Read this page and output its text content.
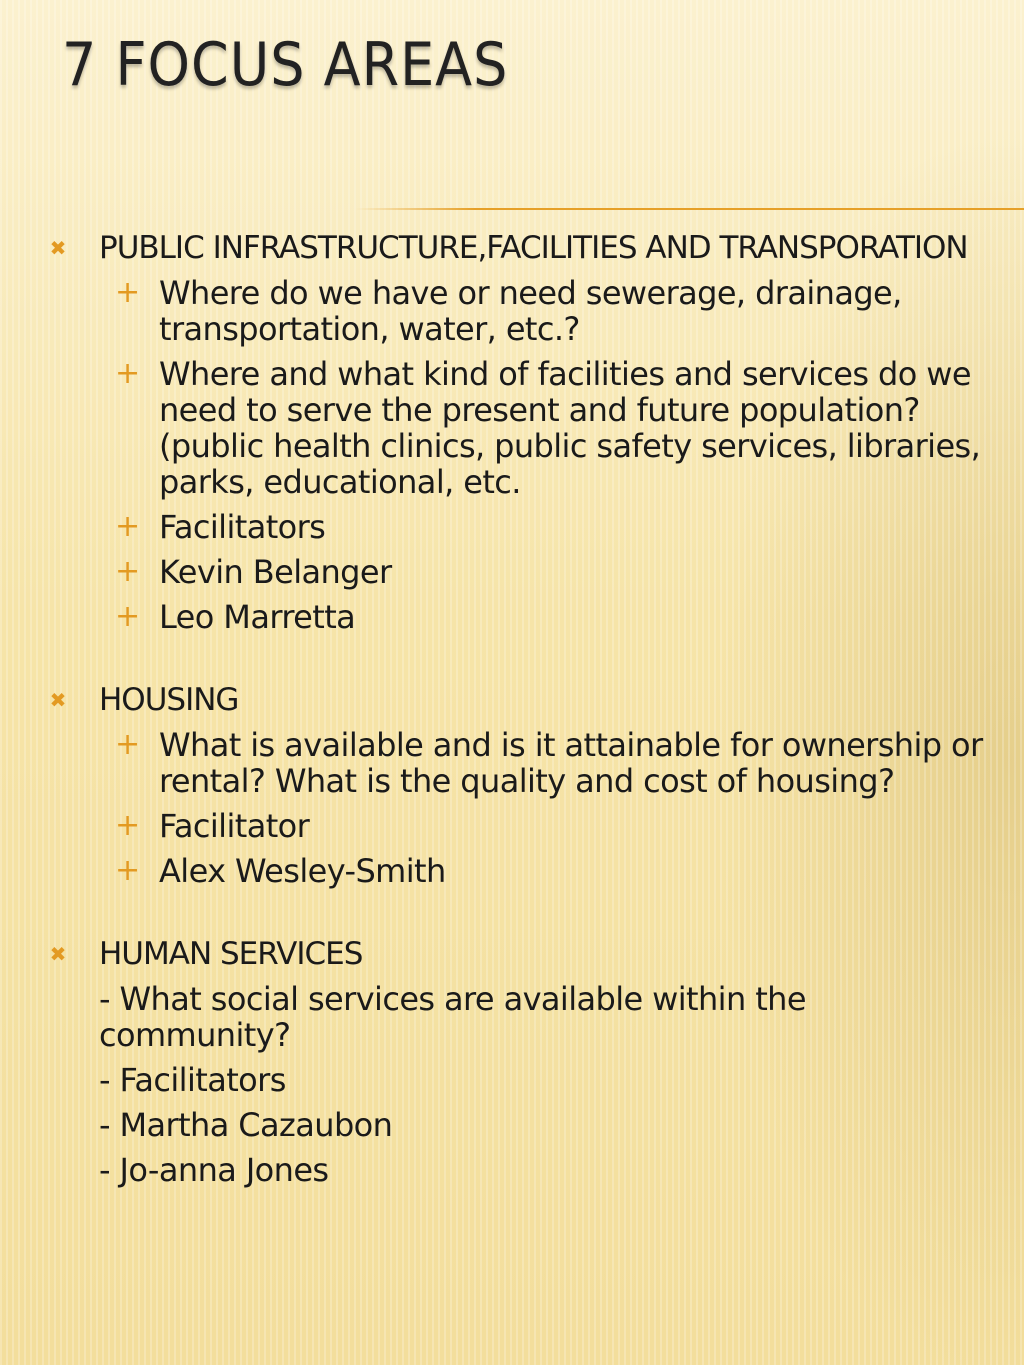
7 FOCUS AREAS
✖ PUBLIC INFRASTRUCTURE,FACILITIES AND TRANSPORATION
+ Where do we have or need sewerage, drainage, transportation, water, etc.?
+ Where and what kind of facilities and services do we need to serve the present and future population? (public health clinics, public safety services, libraries, parks, educational, etc.
+ Facilitators
+ Kevin Belanger
+ Leo Marretta
✖ HOUSING
+ What is available and is it attainable for ownership or rental? What is the quality and cost of housing?
+ Facilitator
+ Alex Wesley-Smith
✖ HUMAN SERVICES
- What social services are available within the community?
- Facilitators
- Martha Cazaubon
- Jo-anna Jones
